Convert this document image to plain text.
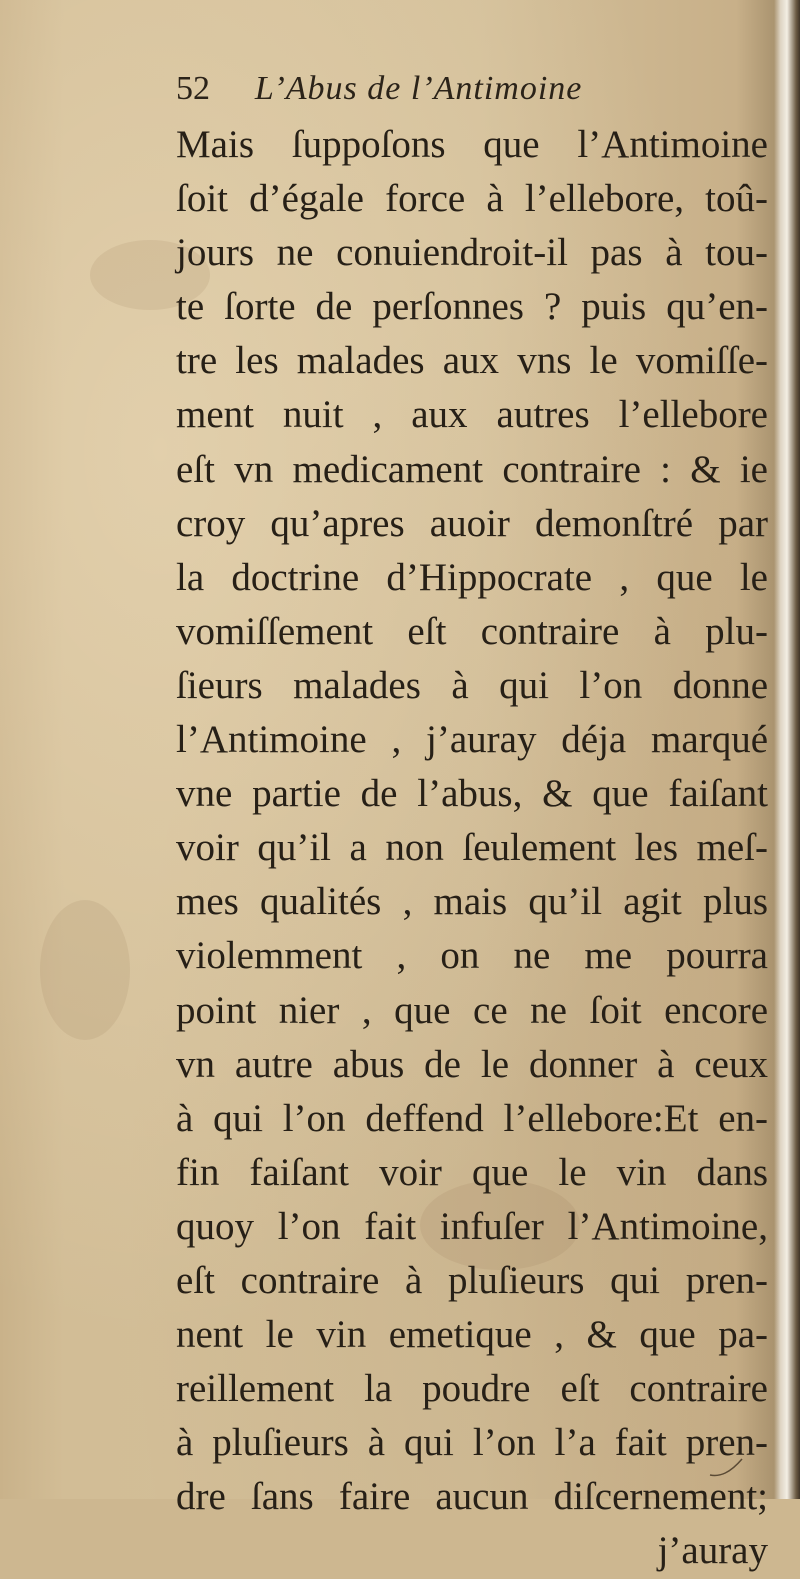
52 L’Abus de l’Antimoine
Mais ſuppoſons que l’Antimoine
ſoit d’égale force à l’ellebore, toû-
jours ne conuiendroit-il pas à tou-
te ſorte de perſonnes ? puis qu’en-
tre les malades aux vns le vomiſſe-
ment nuit , aux autres l’ellebore
eſt vn medicament contraire : & ie
croy qu’apres auoir demonſtré par
la doctrine d’Hippocrate , que le
vomiſſement eſt contraire à plu-
ſieurs malades à qui l’on donne
l’Antimoine , j’auray déja marqué
vne partie de l’abus, & que faiſant
voir qu’il a non ſeulement les meſ-
mes qualités , mais qu’il agit plus
violemment , on ne me pourra
point nier , que ce ne ſoit encore
vn autre abus de le donner à ceux
à qui l’on deffend l’ellebore:Et en-
fin faiſant voir que le vin dans
quoy l’on fait infuſer l’Antimoine,
eſt contraire à pluſieurs qui pren-
nent le vin emetique , & que pa-
reillement la poudre eſt contraire
à pluſieurs à qui l’on l’a fait pren-
dre ſans faire aucun diſcernement;
j’auray
